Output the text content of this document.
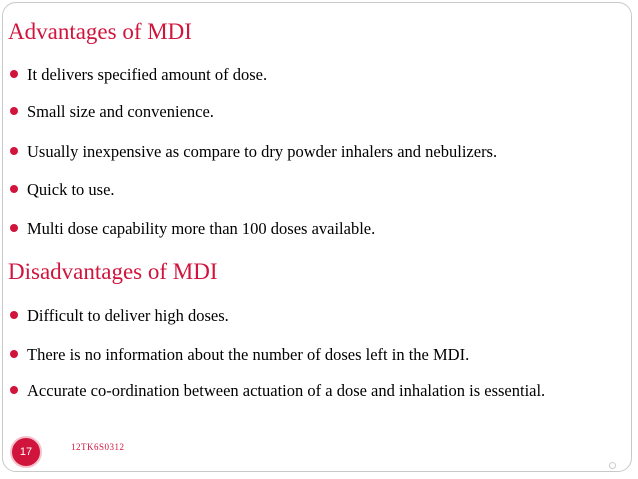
Advantages of MDI

It delivers specified amount of dose.

Small size and convenience.

Usually inexpensive as compare to dry powder inhalers and nebulizers.

Quick to use.

Multi dose capability more than 100 doses available.

Disadvantages of MDI

Difficult to deliver high doses.

There is no information about the number of doses left in the MDI.

Accurate co-ordination between actuation of a dose and inhalation is essential.

17	12TK6S0312
